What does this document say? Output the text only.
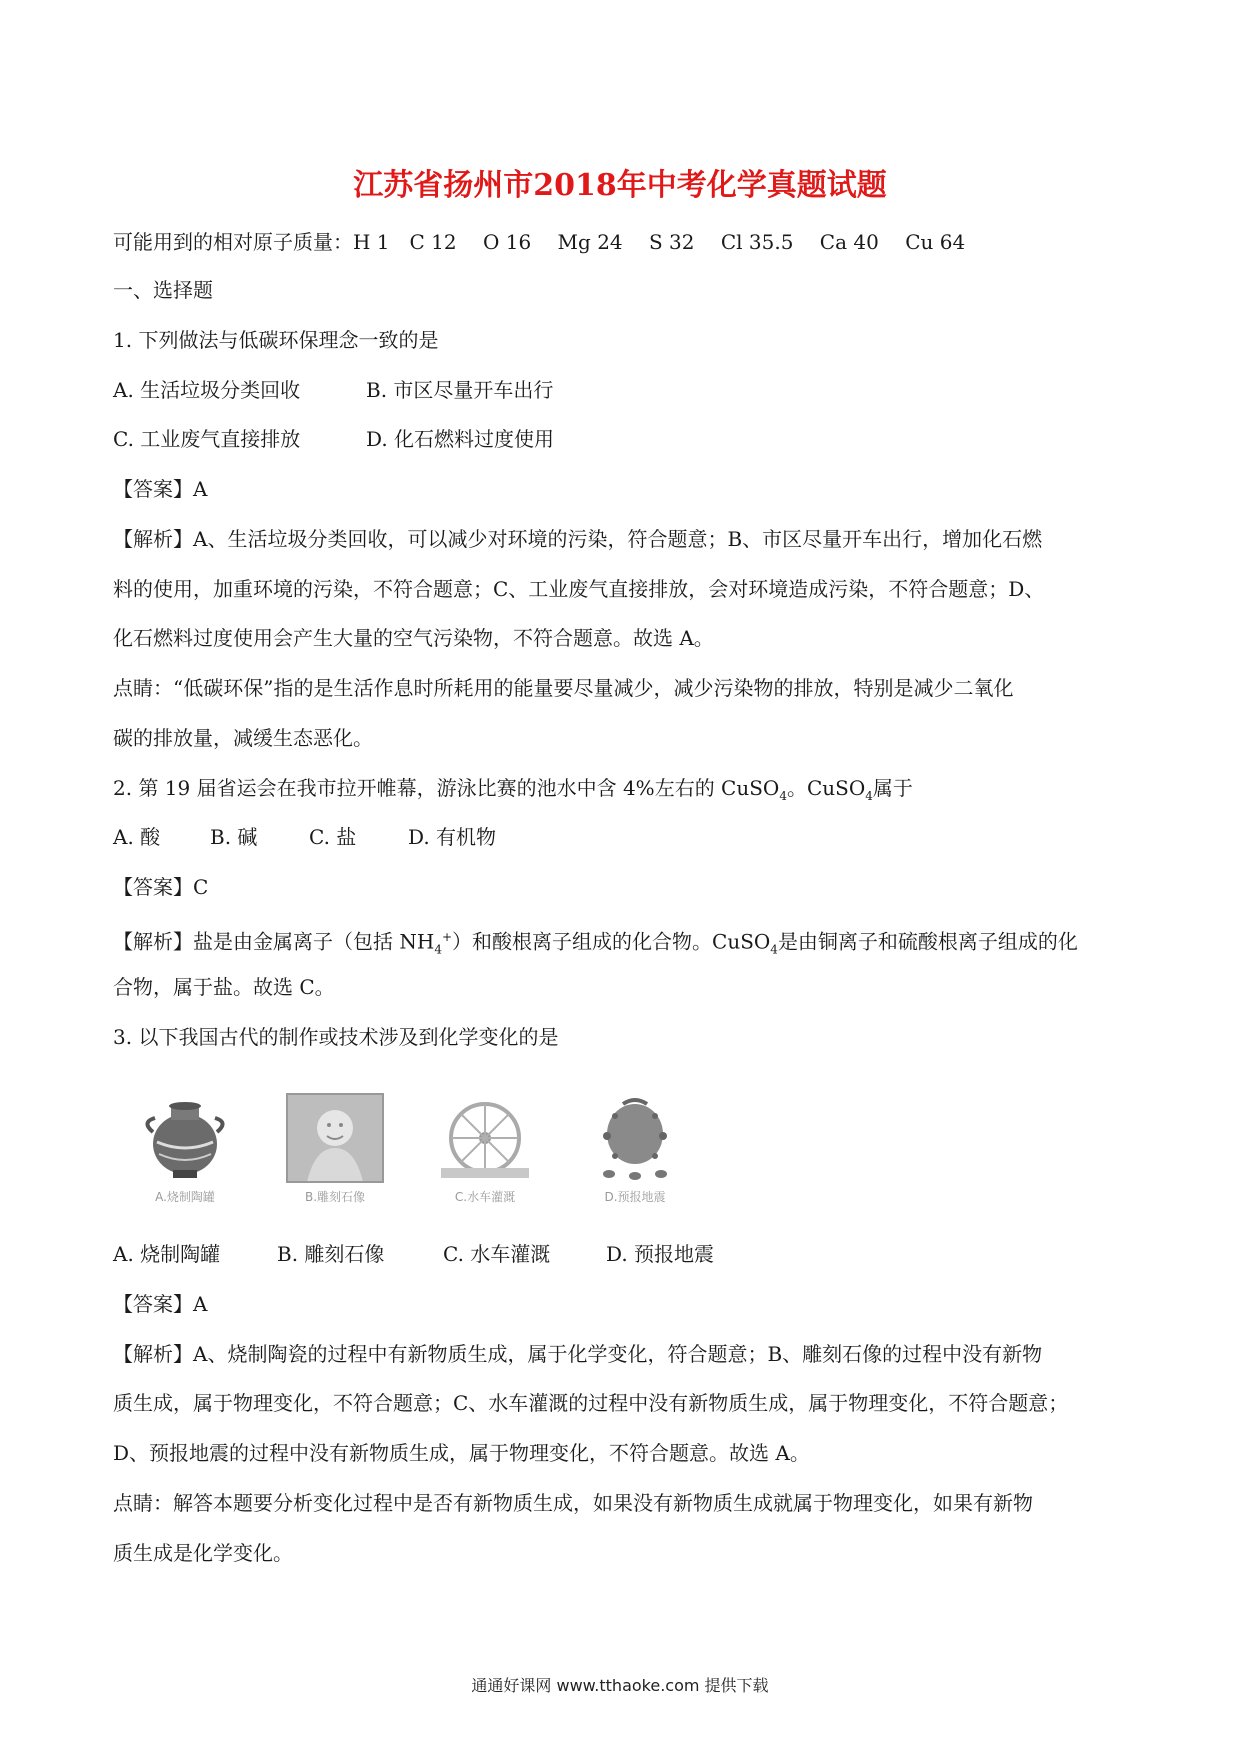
江苏省扬州市2018年中考化学真题试题
可能用到的相对原子质量：H 1　C 12　 O 16　 Mg 24　 S 32　 Cl 35.5　 Ca 40　 Cu 64
一、选择题
1. 下列做法与低碳环保理念一致的是
A. 生活垃圾分类回收	B. 市区尽量开车出行
C. 工业废气直接排放	D. 化石燃料过度使用
【答案】A
【解析】A、生活垃圾分类回收，可以减少对环境的污染，符合题意；B、市区尽量开车出行，增加化石燃
料的使用，加重环境的污染，不符合题意；C、工业废气直接排放，会对环境造成污染，不符合题意；D、
化石燃料过度使用会产生大量的空气污染物，不符合题意。故选 A。
点睛：“低碳环保”指的是生活作息时所耗用的能量要尽量减少，减少污染物的排放，特别是减少二氧化
碳的排放量，减缓生态恶化。
2. 第 19 届省运会在我市拉开帷幕，游泳比赛的池水中含 4%左右的 CuSO$_4$。CuSO$_4$属于
A. 酸 B. 碱	C. 盐	D. 有机物
【答案】C
【解析】盐是由金属离子（包括 $NH_4^+$）和酸根离子组成的化合物。CuSO$_4$是由铜离子和硫酸根离子组成的化
合物，属于盐。故选 C。
3. 以下我国古代的制作或技术涉及到化学变化的是
A.烧制陶罐	B.雕刻石像	C.水车灌溉	D.预报地震
A. 烧制陶罐	B. 雕刻石像	C. 水车灌溉	D. 预报地震
【答案】A
【解析】A、烧制陶瓷的过程中有新物质生成，属于化学变化，符合题意；B、雕刻石像的过程中没有新物
质生成，属于物理变化，不符合题意；C、水车灌溉的过程中没有新物质生成，属于物理变化，不符合题意；
D、预报地震的过程中没有新物质生成，属于物理变化，不符合题意。故选 A。
点睛：解答本题要分析变化过程中是否有新物质生成，如果没有新物质生成就属于物理变化，如果有新物
质生成是化学变化。
通通好课网 www.tthaoke.com 提供下载
